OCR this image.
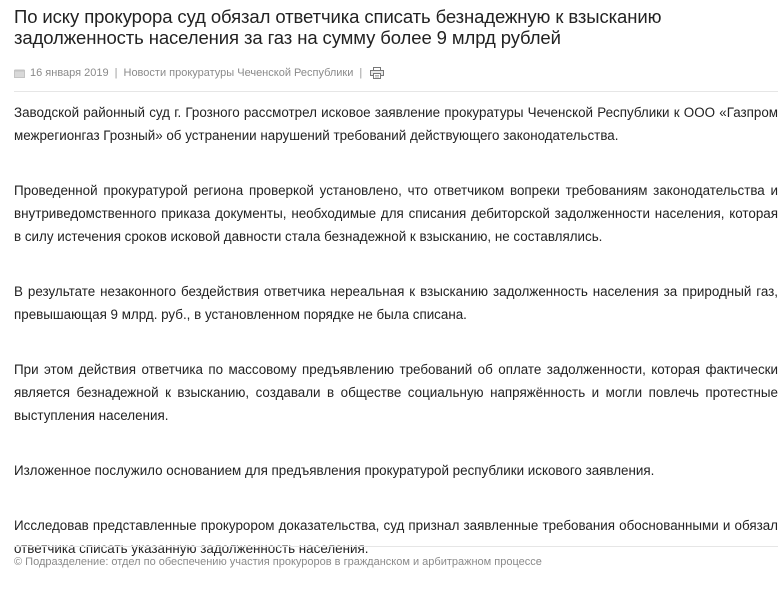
По иску прокурора суд обязал ответчика списать безнадежную к взысканию задолженность населения за газ на сумму более 9 млрд рублей
16 января 2019 | Новости прокуратуры Чеченской Республики |

Заводской районный суд г. Грозного рассмотрел исковое заявление прокуратуры Чеченской Республики к ООО «Газпром межрегионгаз Грозный» об устранении нарушений требований действующего законодательства.

Проведенной прокуратурой региона проверкой установлено, что ответчиком вопреки требованиям законодательства и внутриведомственного приказа документы, необходимые для списания дебиторской задолженности населения, которая в силу истечения сроков исковой давности стала безнадежной к взысканию, не составлялись.

В результате незаконного бездействия ответчика нереальная к взысканию задолженность населения за природный газ, превышающая 9 млрд. руб., в установленном порядке не была списана.

При этом действия ответчика по массовому предъявлению требований об оплате задолженности, которая фактически является безнадежной к взысканию, создавали в обществе социальную напряжённость и могли повлечь протестные выступления населения.

Изложенное послужило основанием для предъявления прокуратурой республики искового заявления.

Исследовав представленные прокурором доказательства, суд признал заявленные требования обоснованными и обязал ответчика списать указанную задолженность населения.

© Подразделение: отдел по обеспечению участия прокуроров в гражданском и арбитражном процессе
